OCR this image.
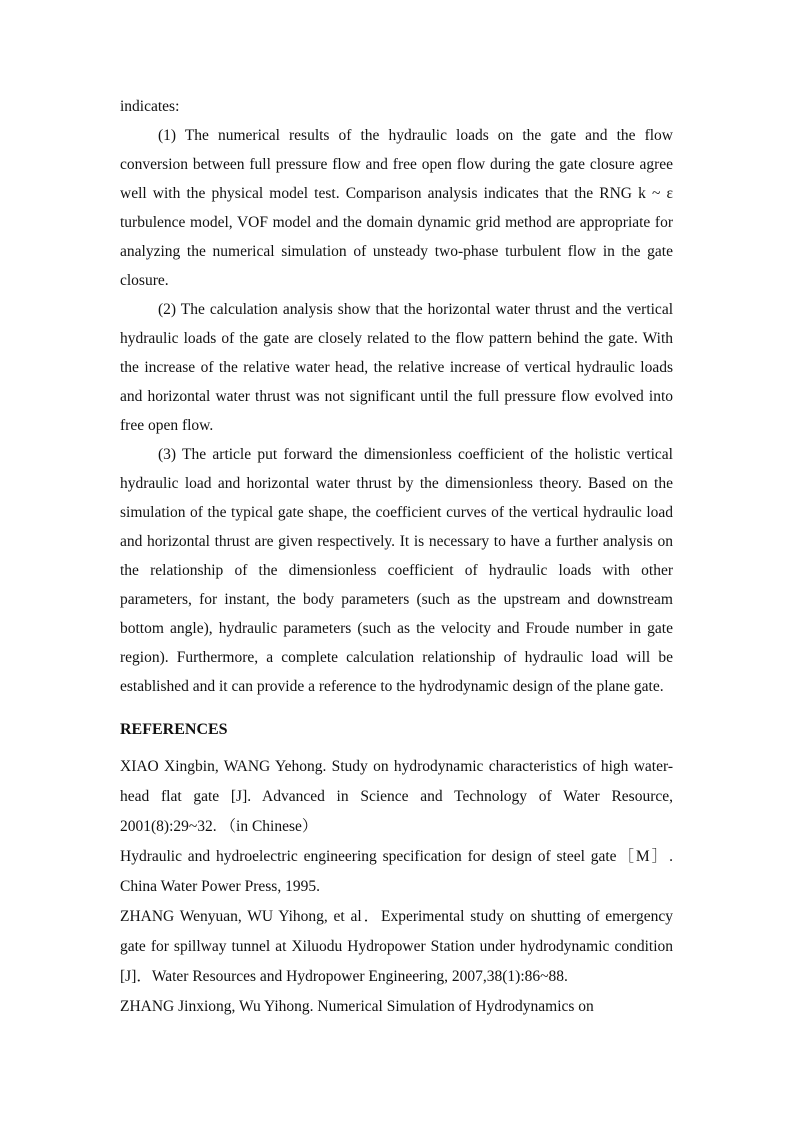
indicates:

(1) The numerical results of the hydraulic loads on the gate and the flow conversion between full pressure flow and free open flow during the gate closure agree well with the physical model test. Comparison analysis indicates that the RNG k ~ ε turbulence model, VOF model and the domain dynamic grid method are appropriate for analyzing the numerical simulation of unsteady two-phase turbulent flow in the gate closure.

(2) The calculation analysis show that the horizontal water thrust and the vertical hydraulic loads of the gate are closely related to the flow pattern behind the gate. With the increase of the relative water head, the relative increase of vertical hydraulic loads and horizontal water thrust was not significant until the full pressure flow evolved into free open flow.

(3) The article put forward the dimensionless coefficient of the holistic vertical hydraulic load and horizontal water thrust by the dimensionless theory. Based on the simulation of the typical gate shape, the coefficient curves of the vertical hydraulic load and horizontal thrust are given respectively. It is necessary to have a further analysis on the relationship of the dimensionless coefficient of hydraulic loads with other parameters, for instant, the body parameters (such as the upstream and downstream bottom angle), hydraulic parameters (such as the velocity and Froude number in gate region). Furthermore, a complete calculation relationship of hydraulic load will be established and it can provide a reference to the hydrodynamic design of the plane gate.

REFERENCES

XIAO Xingbin, WANG Yehong. Study on hydrodynamic characteristics of high water-head flat gate [J]. Advanced in Science and Technology of Water Resource, 2001(8):29~32. （in Chinese）

Hydraulic and hydroelectric engineering specification for design of steel gate［M］. China Water Power Press, 1995.

ZHANG Wenyuan, WU Yihong, et al．Experimental study on shutting of emergency gate for spillway tunnel at Xiluodu Hydropower Station under hydrodynamic condition [J]．Water Resources and Hydropower Engineering, 2007,38(1):86~88.

ZHANG Jinxiong, Wu Yihong. Numerical Simulation of Hydrodynamics on
